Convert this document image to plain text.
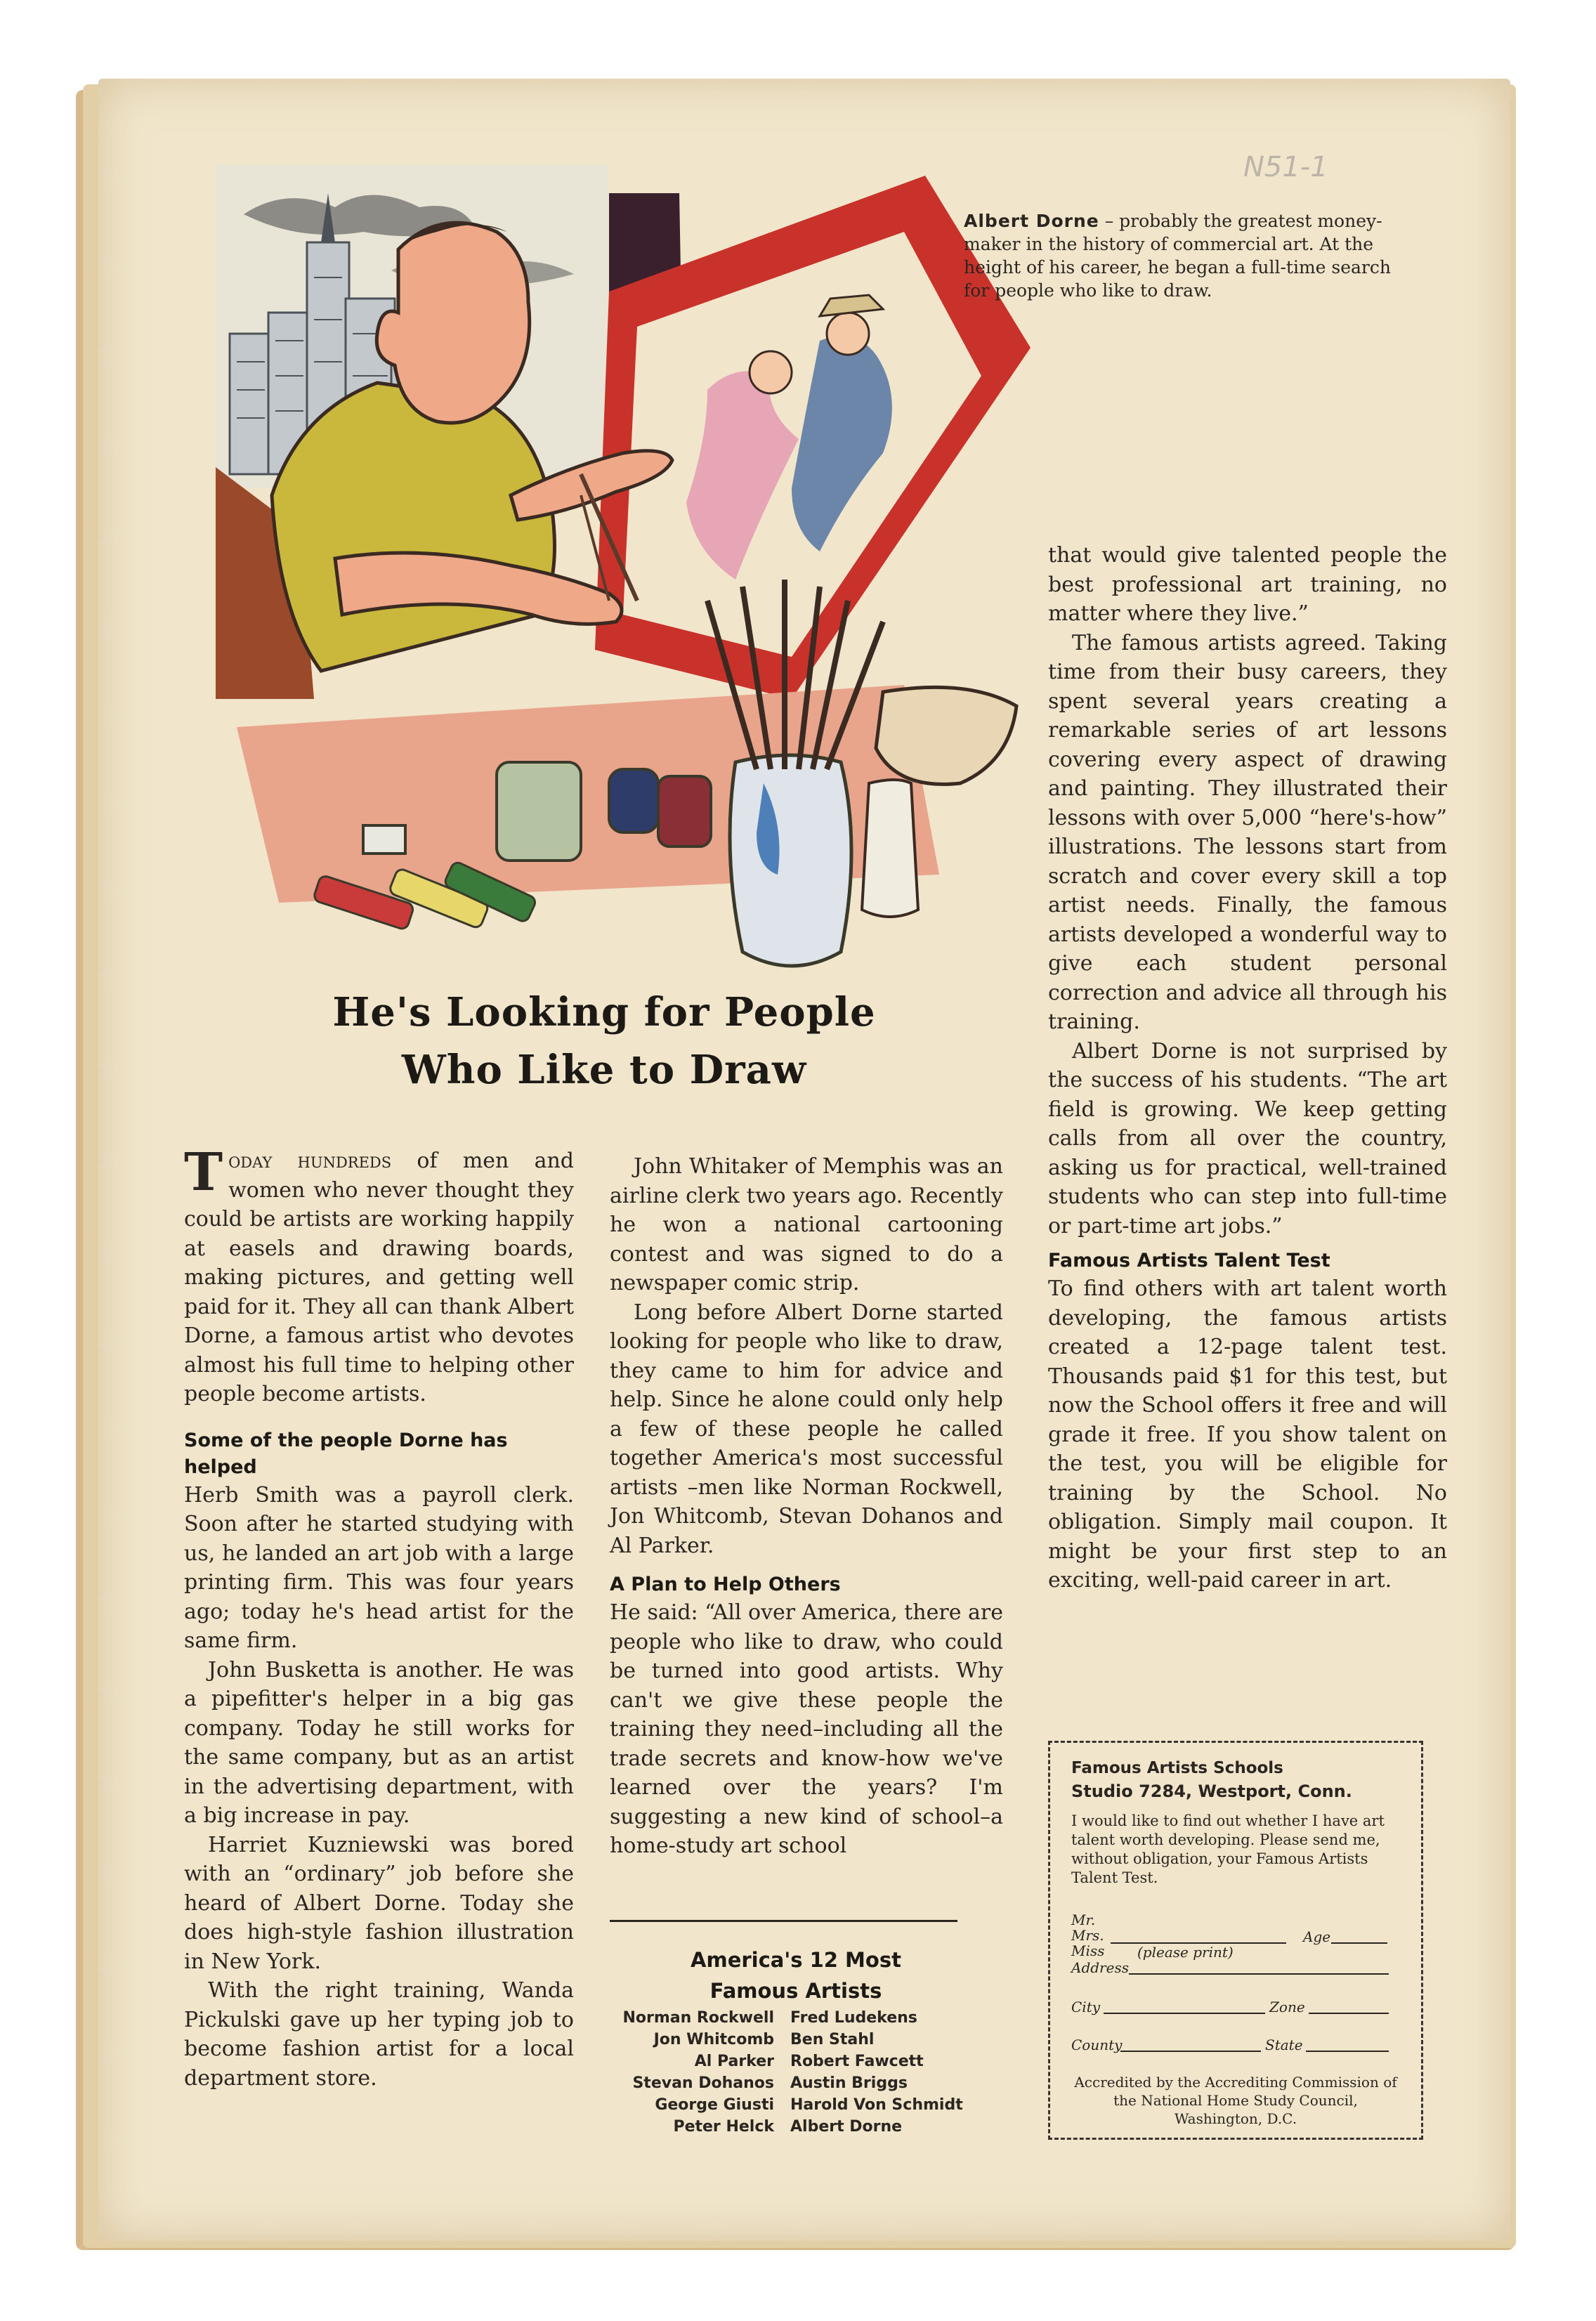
N51-1
Albert Dorne – probably the greatest money-maker in the history of commercial art. At the height of his career, he began a full-time search for people who like to draw.
He's Looking for People
Who Like to Draw

Today hundreds of men and women who never thought they could be artists are working happily at easels and drawing boards, making pictures, and getting well paid for it. They all can thank Albert Dorne, a famous artist who devotes almost his full time to helping other people become artists.

Some of the people Dorne has helped

Herb Smith was a payroll clerk. Soon after he started studying with us, he landed an art job with a large printing firm. This was four years ago; today he's head artist for the same firm.

John Busketta is another. He was a pipefitter's helper in a big gas company. Today he still works for the same company, but as an artist in the advertising department, with a big increase in pay.

Harriet Kuzniewski was bored with an “ordinary” job before she heard of Albert Dorne. Today she does high-style fashion illustration in New York.

With the right training, Wanda Pickulski gave up her typing job to become fashion artist for a local department store.

John Whitaker of Memphis was an airline clerk two years ago. Recently he won a national cartooning contest and was signed to do a newspaper comic strip.

Long before Albert Dorne started looking for people who like to draw, they came to him for advice and help. Since he alone could only help a few of these people he called together America's most successful artists –men like Norman Rockwell, Jon Whitcomb, Stevan Dohanos and Al Parker.

A Plan to Help Others

He said: “All over America, there are people who like to draw, who could be turned into good artists. Why can't we give these people the training they need–including all the trade secrets and know-how we've learned over the years? I'm suggesting a new kind of school–a home-study art school

America's 12 Most
Famous Artists
Norman Rockwell
Jon Whitcomb
Al Parker
Stevan Dohanos
George Giusti
Peter Helck
Fred Ludekens
Ben Stahl
Robert Fawcett
Austin Briggs
Harold Von Schmidt
Albert Dorne

that would give talented people the best professional art training, no matter where they live.”

The famous artists agreed. Taking time from their busy careers, they spent several years creating a remarkable series of art lessons covering every aspect of drawing and painting. They illustrated their lessons with over 5,000 “here's-how” illustrations. The lessons start from scratch and cover every skill a top artist needs. Finally, the famous artists developed a wonderful way to give each student personal correction and advice all through his training.

Albert Dorne is not surprised by the success of his students. “The art field is growing. We keep getting calls from all over the country, asking us for practical, well-trained students who can step into full-time or part-time art jobs.”

Famous Artists Talent Test

To find others with art talent worth developing, the famous artists created a 12-page talent test. Thousands paid $1 for this test, but now the School offers it free and will grade it free. If you show talent on the test, you will be eligible for training by the School. No obligation. Simply mail coupon. It might be your first step to an exciting, well-paid career in art.

Famous Artists Schools
Studio 7284, Westport, Conn.
I would like to find out whether I have art talent worth developing. Please send me, without obligation, your Famous Artists Talent Test.
Mr.
Mrs.
Miss (please print)
Age
Address
City	Zone
County	State
Accredited by the Accrediting Commission of the National Home Study Council, Washington, D.C.
